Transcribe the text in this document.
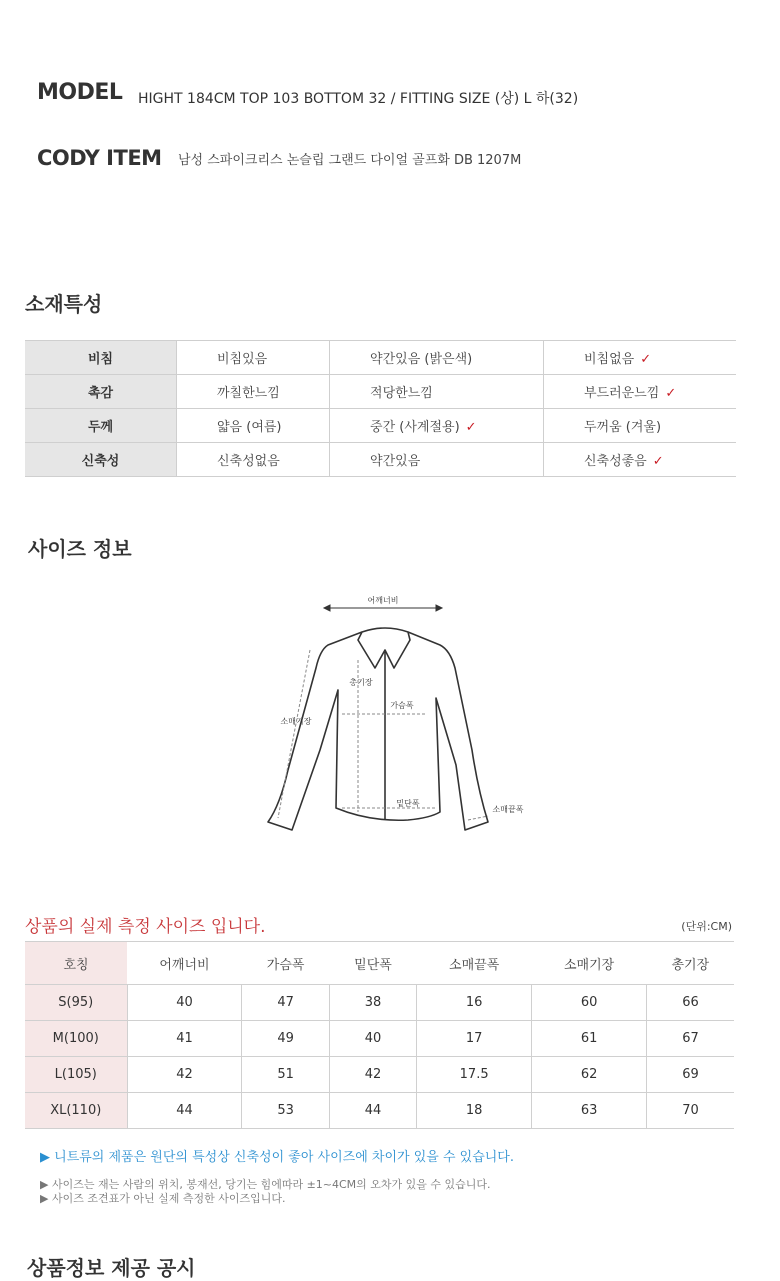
MODEL HIGHT 184CM TOP 103 BOTTOM 32 / FITTING SIZE (상) L 하(32)
CODY ITEM 남성 스파이크리스 논슬립 그랜드 다이얼 골프화 DB 1207M
소재특성
비침	비침있음	약간있음 (밝은색)	비침없음 ✓
촉감	까칠한느낌	적당한느낌	부드러운느낌 ✓
두께	얇음 (여름)	중간 (사계절용) ✓	두꺼움 (겨울)
신축성	신축성없음	약간있음	신축성좋음 ✓
사이즈 정보
어깨너비
총기장
가슴폭
소매기장
밑단폭
소매끝폭
상품의 실제 측정 사이즈 입니다.	(단위:CM)
호칭	어깨너비	가슴폭	밑단폭	소매끝폭	소매기장	총기장
S(95)	40	47	38	16	60	66
M(100)	41	49	40	17	61	67
L(105)	42	51	42	17.5	62	69
XL(110)	44	53	44	18	63	70
▶ 니트류의 제품은 원단의 특성상 신축성이 좋아 사이즈에 차이가 있을 수 있습니다.
▶ 사이즈는 재는 사람의 위치, 봉재선, 당기는 힘에따라 ±1~4CM의 오차가 있을 수 있습니다.
▶ 사이즈 조견표가 아닌 실제 측정한 사이즈입니다.
상품정보 제공 공시
